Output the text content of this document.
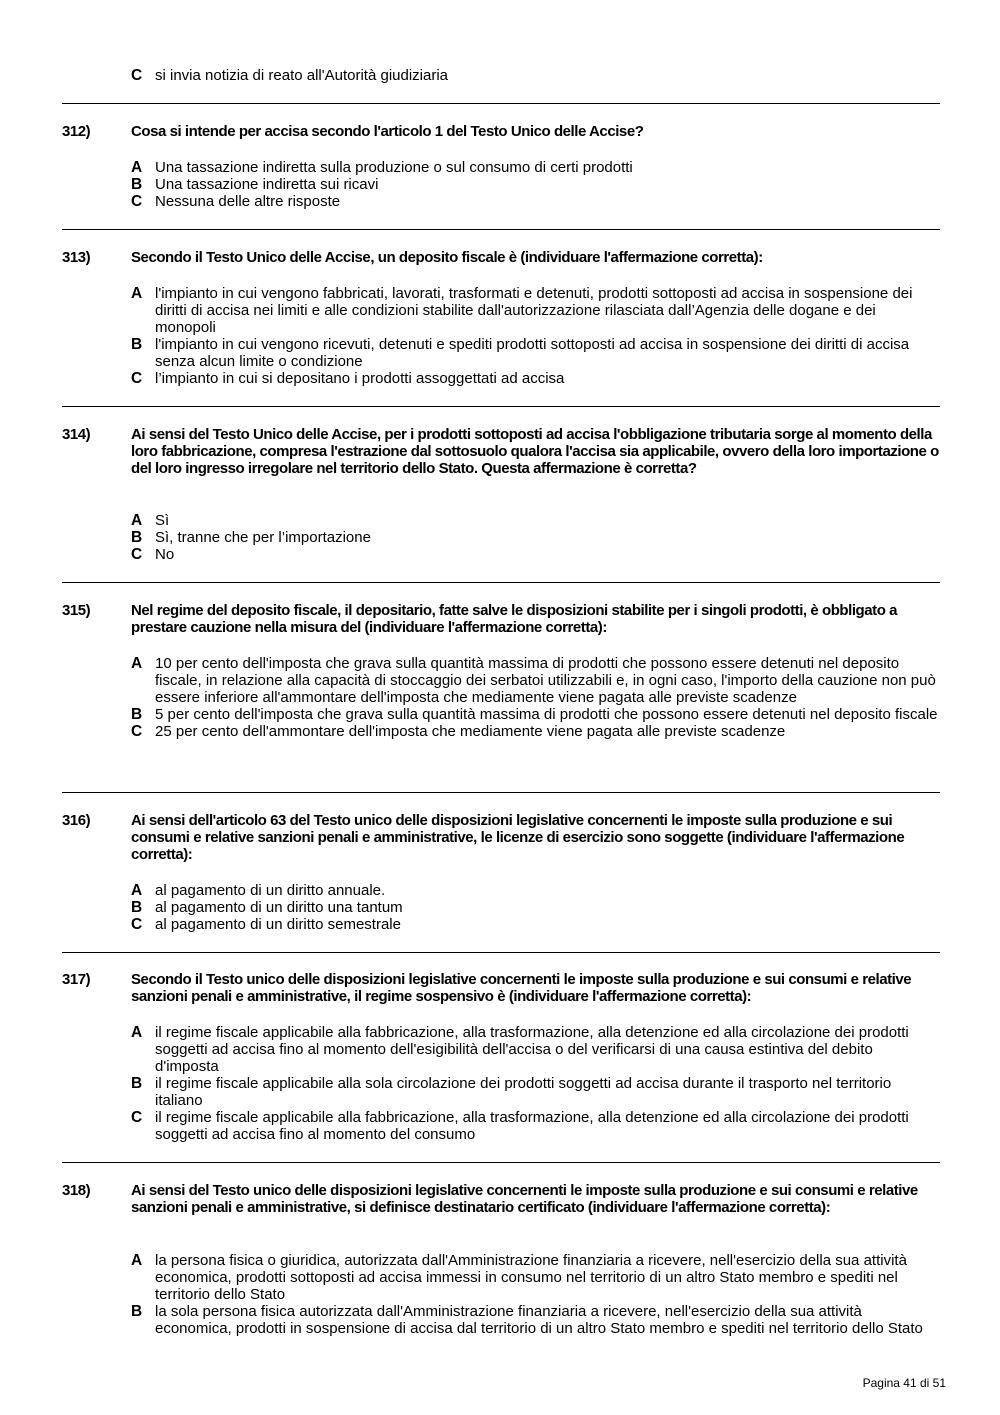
C si invia notizia di reato all'Autorità giudiziaria
312)	Cosa si intende per accisa secondo l'articolo 1 del Testo Unico delle Accise?
A Una tassazione indiretta sulla produzione o sul consumo di certi prodotti
B Una tassazione indiretta sui ricavi
C Nessuna delle altre risposte
313)	Secondo il Testo Unico delle Accise, un deposito fiscale è (individuare l'affermazione corretta):
A l'impianto in cui vengono fabbricati, lavorati, trasformati e detenuti, prodotti sottoposti ad accisa in sospensione dei diritti di accisa nei limiti e alle condizioni stabilite dall'autorizzazione rilasciata dall’Agenzia delle dogane e dei monopoli
B l'impianto in cui vengono ricevuti, detenuti e spediti prodotti sottoposti ad accisa in sospensione dei diritti di accisa senza alcun limite o condizione
C l’impianto in cui si depositano i prodotti assoggettati ad accisa
314)	Ai sensi del Testo Unico delle Accise, per i prodotti sottoposti ad accisa l'obbligazione tributaria sorge al momento della loro fabbricazione, compresa l'estrazione dal sottosuolo qualora l'accisa sia applicabile, ovvero della loro importazione o del loro ingresso irregolare nel territorio dello Stato. Questa affermazione è corretta?
A Sì
B Sì, tranne che per l’importazione
C No
315)	Nel regime del deposito fiscale, il depositario, fatte salve le disposizioni stabilite per i singoli prodotti, è obbligato a prestare cauzione nella misura del (individuare l'affermazione corretta):
A 10 per cento dell'imposta che grava sulla quantità massima di prodotti che possono essere detenuti nel deposito fiscale, in relazione alla capacità di stoccaggio dei serbatoi utilizzabili e, in ogni caso, l'importo della cauzione non può essere inferiore all'ammontare dell'imposta che mediamente viene pagata alle previste scadenze
B 5 per cento dell'imposta che grava sulla quantità massima di prodotti che possono essere detenuti nel deposito fiscale
C 25 per cento dell'ammontare dell'imposta che mediamente viene pagata alle previste scadenze
316)	Ai sensi dell'articolo 63 del Testo unico delle disposizioni legislative concernenti le imposte sulla produzione e sui consumi e relative sanzioni penali e amministrative, le licenze di esercizio sono soggette (individuare l'affermazione corretta):
A al pagamento di un diritto annuale.
B al pagamento di un diritto una tantum
C al pagamento di un diritto semestrale
317)	Secondo il Testo unico delle disposizioni legislative concernenti le imposte sulla produzione e sui consumi e relative sanzioni penali e amministrative, il regime sospensivo è (individuare l'affermazione corretta):
A il regime fiscale applicabile alla fabbricazione, alla trasformazione, alla detenzione ed alla circolazione dei prodotti soggetti ad accisa fino al momento dell'esigibilità dell'accisa o del verificarsi di una causa estintiva del debito d'imposta
B il regime fiscale applicabile alla sola circolazione dei prodotti soggetti ad accisa durante il trasporto nel territorio italiano
C il regime fiscale applicabile alla fabbricazione, alla trasformazione, alla detenzione ed alla circolazione dei prodotti soggetti ad accisa fino al momento del consumo
318)	Ai sensi del Testo unico delle disposizioni legislative concernenti le imposte sulla produzione e sui consumi e relative sanzioni penali e amministrative, si definisce destinatario certificato (individuare l'affermazione corretta):
A la persona fisica o giuridica, autorizzata dall'Amministrazione finanziaria a ricevere, nell'esercizio della sua attività economica, prodotti sottoposti ad accisa immessi in consumo nel territorio di un altro Stato membro e spediti nel territorio dello Stato
B la sola persona fisica autorizzata dall'Amministrazione finanziaria a ricevere, nell'esercizio della sua attività economica, prodotti in sospensione di accisa dal territorio di un altro Stato membro e spediti nel territorio dello Stato
Pagina 41 di 51
